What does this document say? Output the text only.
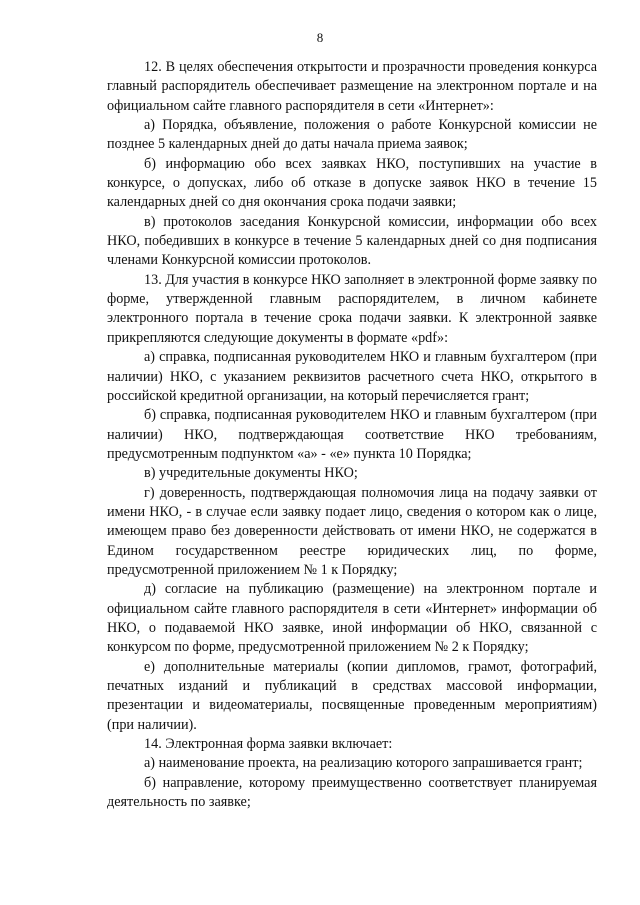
8

12. В целях обеспечения открытости и прозрачности проведения конкурса главный распорядитель обеспечивает размещение на электронном портале и на официальном сайте главного распорядителя в сети «Интернет»:

а) Порядка, объявление, положения о работе Конкурсной комиссии не позднее 5 календарных дней до даты начала приема заявок;

б) информацию обо всех заявках НКО, поступивших на участие в конкурсе, о допусках, либо об отказе в допуске заявок НКО в течение 15 календарных дней со дня окончания срока подачи заявки;

в) протоколов заседания Конкурсной комиссии, информации обо всех НКО, победивших в конкурсе в течение 5 календарных дней со дня подписания членами Конкурсной комиссии протоколов.

13. Для участия в конкурсе НКО заполняет в электронной форме заявку по форме, утвержденной главным распорядителем, в личном кабинете электронного портала в течение срока подачи заявки. К электронной заявке прикрепляются следующие документы в формате «pdf»:

а) справка, подписанная руководителем НКО и главным бухгалтером (при наличии) НКО, с указанием реквизитов расчетного счета НКО, открытого в российской кредитной организации, на который перечисляется грант;

б) справка, подписанная руководителем НКО и главным бухгалтером (при наличии) НКО, подтверждающая соответствие НКО требованиям, предусмотренным подпунктом «а» - «е» пункта 10 Порядка;

в) учредительные документы НКО;

г) доверенность, подтверждающая полномочия лица на подачу заявки от имени НКО, - в случае если заявку подает лицо, сведения о котором как о лице, имеющем право без доверенности действовать от имени НКО, не содержатся в Едином государственном реестре юридических лиц, по форме, предусмотренной приложением № 1 к Порядку;

д) согласие на публикацию (размещение) на электронном портале и официальном сайте главного распорядителя в сети «Интернет» информации об НКО, о подаваемой НКО заявке, иной информации об НКО, связанной с конкурсом по форме, предусмотренной приложением № 2 к Порядку;

е) дополнительные материалы (копии дипломов, грамот, фотографий, печатных изданий и публикаций в средствах массовой информации, презентации и видеоматериалы, посвященные проведенным мероприятиям) (при наличии).

14. Электронная форма заявки включает:

а) наименование проекта, на реализацию которого запрашивается грант;

б) направление, которому преимущественно соответствует планируемая деятельность по заявке;
